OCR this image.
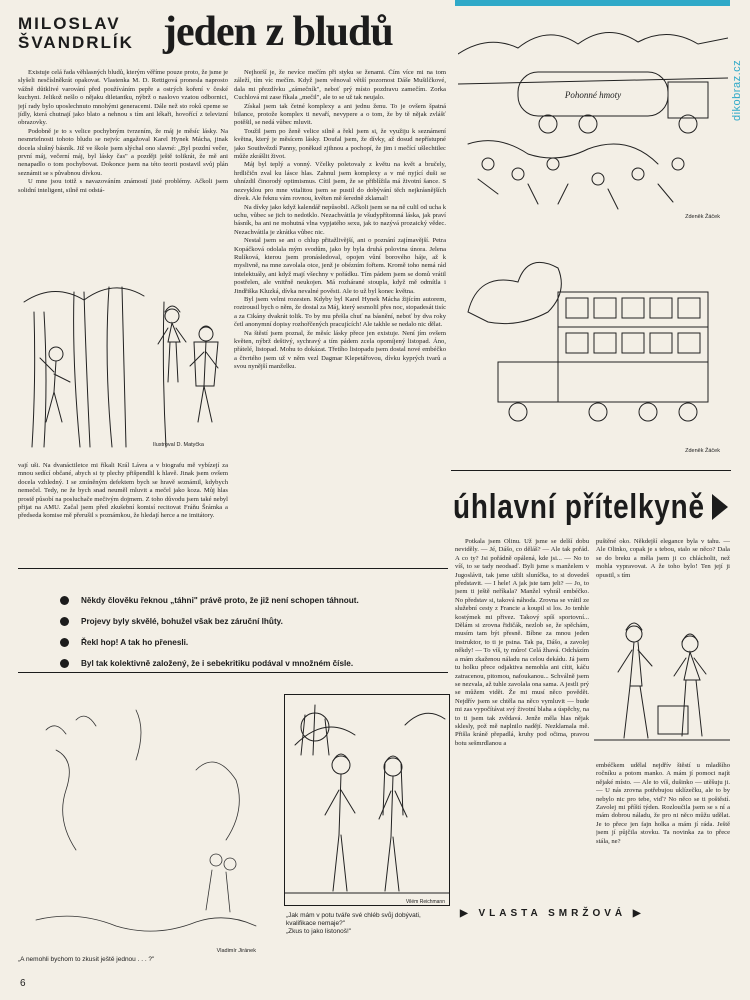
dikobraz.cz
MILOSLAV
ŠVANDRLÍK jeden z bludů

Existuje celá řada věhlasných bludů, kterým věříme pouze proto, že jsme je slyšeli nesčíslněkrát opakovat. Vlastenka M. D. Rettigová pronesla naprosto vážně důtklivé varování před používáním pepře a ostrých koření v české kuchyni. Jelikož nešlo o nějaku diletantku, nýbrž o naslovo vzatou odbornici, její rady bylo uposlechnuto mnohými generacemi. Dále než sto roků cpeme se jídly, která chutnají jako blato a nehnou s tím ani lékaři, hovořící z televizní obrazovky.

Podobně je to s velice pochybným tvrzením, že máj je měsíc lásky. Na nesmrtelnosti tohoto bludu se nejvíc angažoval Karel Hynek Mácha, jinak docela slušný básník. Již ve škole jsem slýchal ono slavné: „Byl pozdní večer, první máj, večerní máj, byl lásky čas" a později ještě tolikrát, že mě ani nenapadlo o tom pochybovat. Dokonce jsem na této teorii postavil svůj plán seznámit se s půvabnou dívkou.

U mne jsou totiž s navazováním známostí jisté problémy. Ačkoli jsem solidní inteligent, silně mi odstá-

Nejhorší je, že nevíce mečím při styku se ženami. Čím více mi na tom záleží, tím víc mečím. Když jsem věnoval větší pozornost Dáše Mušilčkové, dala mi přezdívku „zámečník", neboť prý místo pozdravu zamečím. Zorka Cuchlová mi zase říkala „mečil", ale to se už tak neujalo.

Získal jsem tak četné komplexy a ani jednu ženu. To je ovšem špatná bilance, protože komplex ti nevaří, nevypere a o tom, že by tě nějak zvlášť potěšil, se nedá vůbec mluvit.

Toužil jsem po ženě velice silně a řekl jsem si, že využiju k seznámení května, který je měsícem lásky. Doufal jsem, že dívky, až dosud nepřístupné jako Southvězdí Panny, poněkud zjihnou a pochopí, že jim i mečící ušlechtilec může zkrášlit život.

Máj byl teplý a vonný. Včelky poletovaly z květu na květ a bručely, hrdličičn zval ku lásce hlas. Zahnul jsem komplexy a v mé nyjící duši se uhnízdil činorodý optimismus. Cítil jsem, že se přiblížila má životní šance. S nezvyklou pro mne vitalitou jsem se pustil do dobývání těch nejkrásnějších dívek. Ale řeknu vám rovnou, květen mě šeredně zklamal!

Na dívky jako když kalendář nepůsobil. Ačkoli jsem se na ně culil od ucha k uchu, vůbec se jich to nedotklo. Nezachvátila je všudypřítomná láska, jak praví básník, ba ani ne mohutná vlna vypjatého sexu, jak to nazývá prozaický vědec. Nezachvátila je zkrátka vůbec nic.

Nestal jsem se ani o chlup přitažlivější, ani o poznání zajímavější. Petra Kopáčková odolala mým svodům, jako by byla druhá polovina února. Jelena Rulíková, kterou jsem pronásledoval, opojen vůní borového háje, až k myslivně, na mne zavolala otce, jenž je obézním fořtem. Kromě toho nemá rád intelektuály, ani když mají všechny v pořádku. Tím pádem jsem se domů vrátil postřelen, ale vnitřně neukojen. Má rozhárané stoupla, když mě odmítla i Jindřiška Kluzká, dívka nevalné pověsti. Ale to už byl konec května.

Byl jsem velmi rozesten. Kdyby byl Karel Hynek Mácha žijícím autorem, roztrousil bych o něm, že dostal za Máj, který sesmolil přes noc, stopadesát tisíc a za Cikány dvakrát tolik. To by mu přešla chuť na básnění, neboť by dva roky četl anonymní dopisy rozhořčených pracujících! Ale takhle se nedalo nic dělat.

Na štěstí jsem poznal, že měsíc lásky přece jen existuje. Není jím ovšem květen, nýbrž deštivý, sychravý a tím pádem zcela opomíjený listopad. Áno, přátelé, listopad. Mohu to dokázat. Třetího listopadu jsem dostal nové embéčko a čtvrtého jsem už v něm vezl Dagmar Klepetářovou, dívku kyprých tvarů a svou nynější manželku.

Ilustroval D. Matyčka

vají uši. Na dvanáctiletce mi říkali Král Lávra a v biografu mě vybízejí za mnou sedící občané, abych si ty plechy přišpendlil k hlavě. Jinak jsem ovšem docela vzhledný. I se zmíněným defektem bych se hravě seznámil, kdybych nemečel. Tedy, ne že bych snad neuměl mluvit a mečel jako koza. Můj hlas prostě působí na posluchače mečivým dojmem. Z toho důvodu jsem také nebyl přijat na AMU. Začal jsem před zkušební komisí recitovat Fráňu Šrámka a předseda komise mě přerušil s poznámkou, že hledají herce a ne imitátory.

Někdy člověku řeknou „táhni" právě proto, že již není schopen táhnout.
Projevy byly skvělé, bohužel však bez záruční lhůty.
Řekl hop! A tak ho přenesli.
Byl tak kolektivně založený, že i sebekritiku podával v množném čísle.
Pohonné hmoty
Zdeněk Žáček
Zdeněk Žáček
úhlavní přítelkyně

Potkala jsem Olinu. Už jsme se delší dobu neviděly. — Jé, Dášo, co děláš? — Ale tak pořád. A co ty? Jsi pořádně opálená, kde jsi... — No to víš, to se tady neodsaď. Byli jsme s manželem v Jugoslávii, tak jsme užili sluníčka, to si dovedeš představit. — I hele! A jak jste tam jeli? — Jo, to jsem ti ještě neříkala? Manžel vyhrál embéčko. No představ si, taková náhoda. Zrovna se vrátil ze služební cesty z Francie a koupil si los. Jo tenhle kostýmek mi přivez. Takový spíš sportovní... Dělám si zrovna řidičák, nezlob se, že spěchám, musím tam být přesně. Bíbne za mnou jeden instruktor, to ti je psina. Tak pa, Dášo, a zavolej někdy! — To víš, ty můro! Celá žhavá. Odcházím a mám zkaženou náladu na celou dekádu. Já jsem tu holku přece odjaktiva nemohla ani cítit, káču zatracenou, pitomou, nafoukanou... Schválně jsem se nezvala, až tuhle zavolala ona sama. A jestli prý se můžem vidět. Že mi musí něco povědět. Nejdřív jsem se chtěla na něco vymluvit — bude mi zas vypočítávat svý životní blaha a úspěchy, na to ti jsem tak zvědavá. Jenže měla hlas nějak sklesly, pož mě naplnilo nadějí. Nezklamala mě. Přišla kráně přepadlá, kruhy pod očima, pravou botu sešmrdlanou a

puštěné oko. Někdejší elegance byla v tahu. — Ale Olinko, copak je s tebou, stalo se něco? Dala se do breku a měla jsem ji co chlácholit, než mohla vypravovat. A že toho bylo! Ten její ji opustil, s tím

embéčkem udělal nejdřív štěstí u mladšího ročníku a potom manko. A mám jí pomoci najít nějaké místo. — Ale to víš, dušinko — utěšuju ji. — U nás zrovna potřebujou uklízečku, ale to by nebylo nic pro tebe, viď? No něco se ti poštěstí. Zavolej mi příští týden. Rozloučila jsem se s ní a mám dobrou náladu, že pro ni něco můžu udělat. Je to přece jen fajn holka a mám jí ráda. Ještě jsem jí půjčila stovku. Ta novinka za to přece stála, ne?

▶ VLASTA SMRŽOVÁ ▶
Vladimír Jiránek
„A nemohli bychom to zkusit ještě jednou . . . ?"
Vilém Reichmann
„Jak mám v potu tváře své chléb svůj dobývati, kvalifikace nemaje?"
„Zkus to jako listonoš!"
6
